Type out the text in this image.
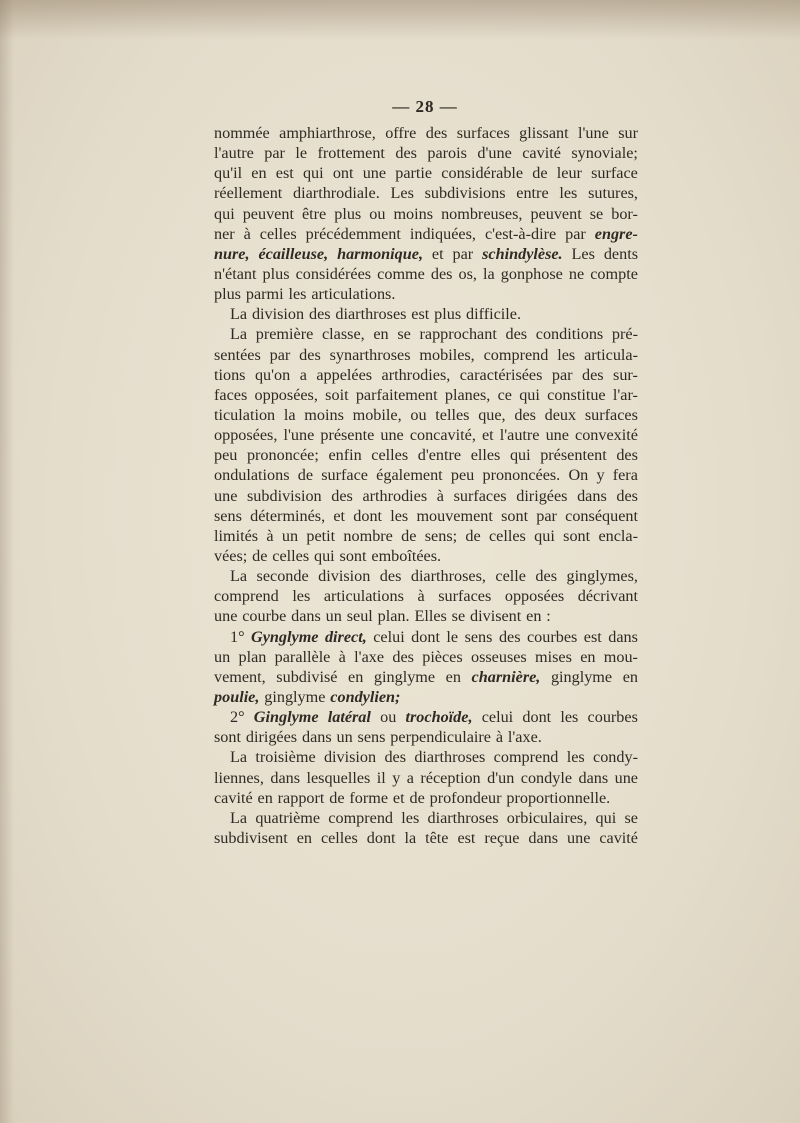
— 28 —
nommée amphiarthrose, offre des surfaces glissant l'une sur
l'autre par le frottement des parois d'une cavité synoviale;
qu'il en est qui ont une partie considérable de leur surface
réellement diarthrodiale. Les subdivisions entre les sutures,
qui peuvent être plus ou moins nombreuses, peuvent se bor-
ner à celles précédemment indiquées, c'est-à-dire par engre-
nure, écailleuse, harmonique, et par schindylèse. Les dents
n'étant plus considérées comme des os, la gonphose ne compte
plus parmi les articulations.
La division des diarthroses est plus difficile.
La première classe, en se rapprochant des conditions pré-
sentées par des synarthroses mobiles, comprend les articula-
tions qu'on a appelées arthrodies, caractérisées par des sur-
faces opposées, soit parfaitement planes, ce qui constitue l'ar-
ticulation la moins mobile, ou telles que, des deux surfaces
opposées, l'une présente une concavité, et l'autre une convexité
peu prononcée; enfin celles d'entre elles qui présentent des
ondulations de surface également peu prononcées. On y fera
une subdivision des arthrodies à surfaces dirigées dans des
sens déterminés, et dont les mouvement sont par conséquent
limités à un petit nombre de sens; de celles qui sont encla-
vées; de celles qui sont emboîtées.
La seconde division des diarthroses, celle des ginglymes,
comprend les articulations à surfaces opposées décrivant
une courbe dans un seul plan. Elles se divisent en :
1° Gynglyme direct, celui dont le sens des courbes est dans
un plan parallèle à l'axe des pièces osseuses mises en mou-
vement, subdivisé en ginglyme en charnière, ginglyme en
poulie, ginglyme condylien;
2° Ginglyme latéral ou trochoïde, celui dont les courbes
sont dirigées dans un sens perpendiculaire à l'axe.
La troisième division des diarthroses comprend les condy-
liennes, dans lesquelles il y a réception d'un condyle dans une
cavité en rapport de forme et de profondeur proportionnelle.
La quatrième comprend les diarthroses orbiculaires, qui se
subdivisent en celles dont la tête est reçue dans une cavité
